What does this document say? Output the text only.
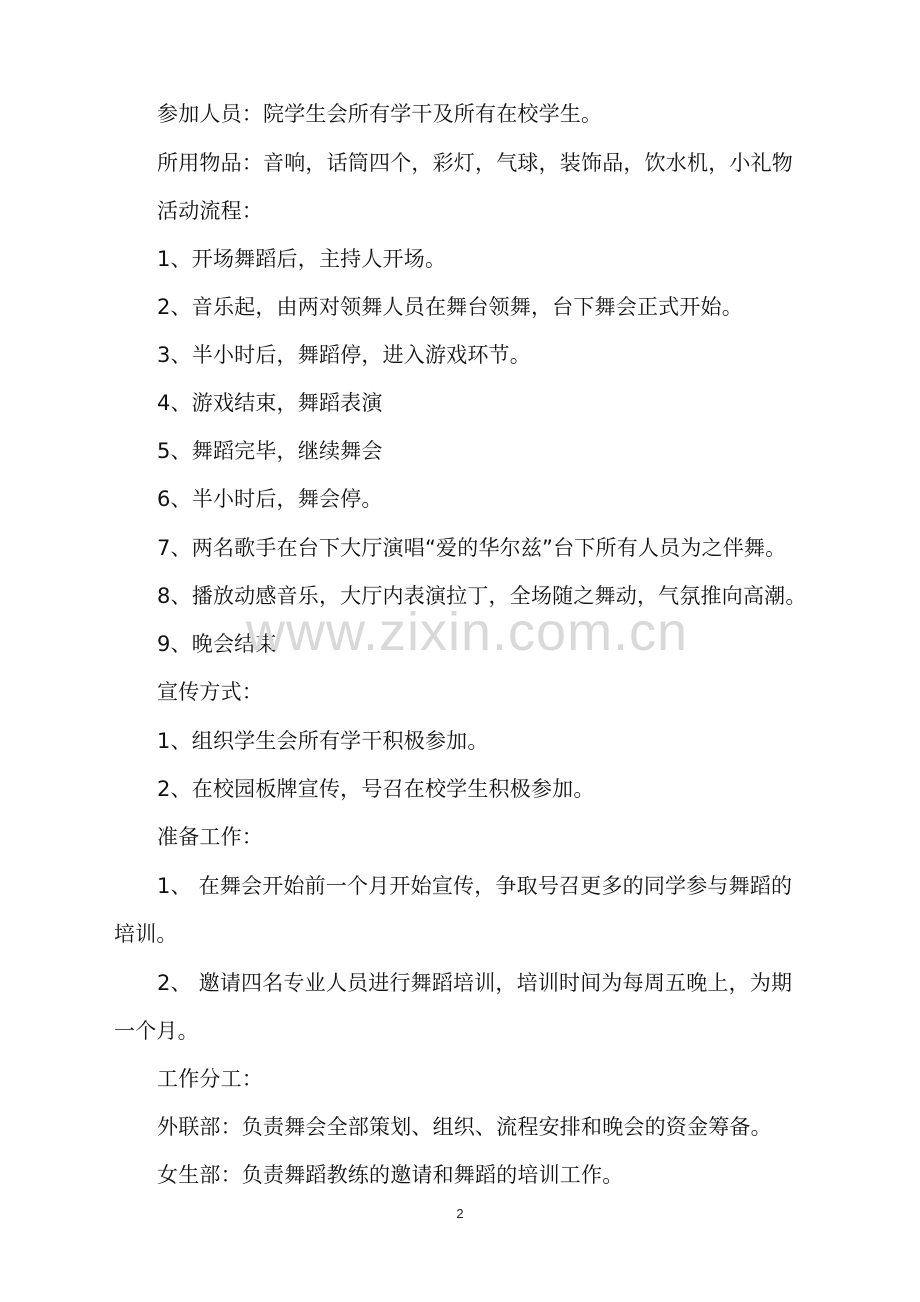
参加人员：院学生会所有学干及所有在校学生。
所用物品：音响，话筒四个，彩灯，气球，装饰品，饮水机，小礼物
活动流程：
1、开场舞蹈后，主持人开场。
2、音乐起，由两对领舞人员在舞台领舞，台下舞会正式开始。
3、半小时后，舞蹈停，进入游戏环节。
4、游戏结束，舞蹈表演
5、舞蹈完毕，继续舞会
6、半小时后，舞会停。
7、两名歌手在台下大厅演唱“爱的华尔兹”台下所有人员为之伴舞。
8、播放动感音乐，大厅内表演拉丁，全场随之舞动，气氛推向高潮。
9、晚会结束
宣传方式：
1、组织学生会所有学干积极参加。
2、在校园板牌宣传，号召在校学生积极参加。
准备工作：
1、 在舞会开始前一个月开始宣传，争取号召更多的同学参与舞蹈的
培训。
2、 邀请四名专业人员进行舞蹈培训，培训时间为每周五晚上，为期
一个月。
工作分工：
外联部：负责舞会全部策划、组织、流程安排和晚会的资金筹备。
女生部：负责舞蹈教练的邀请和舞蹈的培训工作。
www.zixin.com.cn
2
